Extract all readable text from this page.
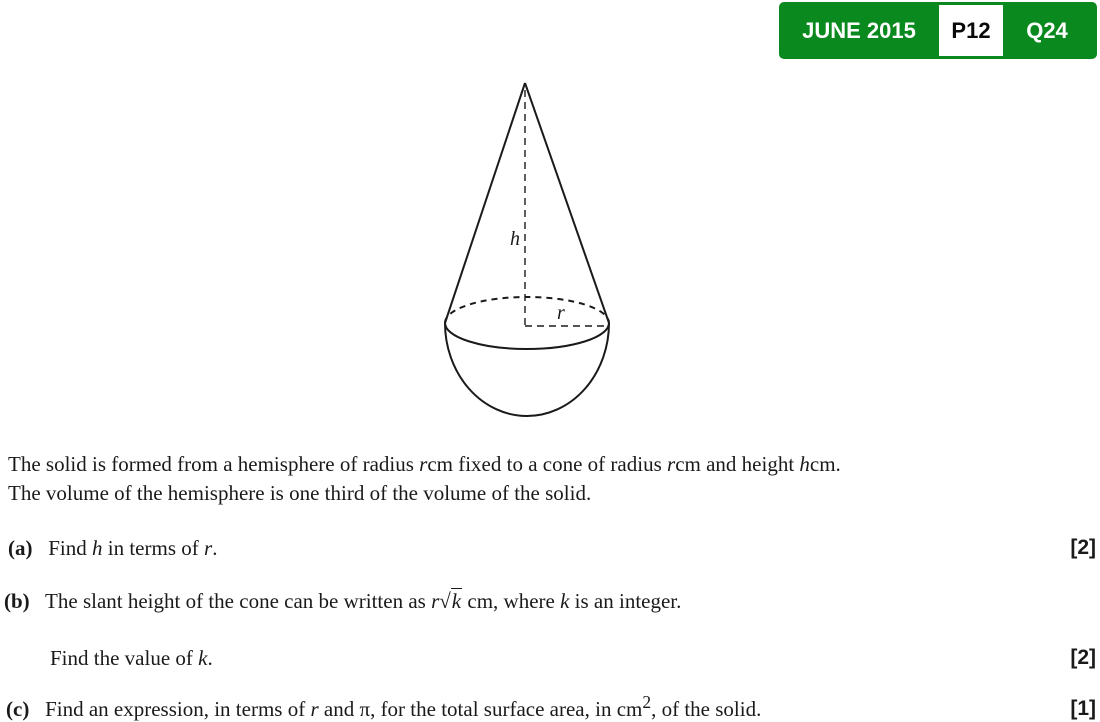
JUNE 2015	P12	Q24
h
r
The solid is formed from a hemisphere of radius rcm fixed to a cone of radius rcm and height hcm.
The volume of the hemisphere is one third of the volume of the solid.
(a) Find h in terms of r.	[2]
(b) The slant height of the cone can be written as r√k cm, where k is an integer.
Find the value of k.	[2]
(c) Find an expression, in terms of r and π, for the total surface area, in $cm^2$, of the solid.	[1]
